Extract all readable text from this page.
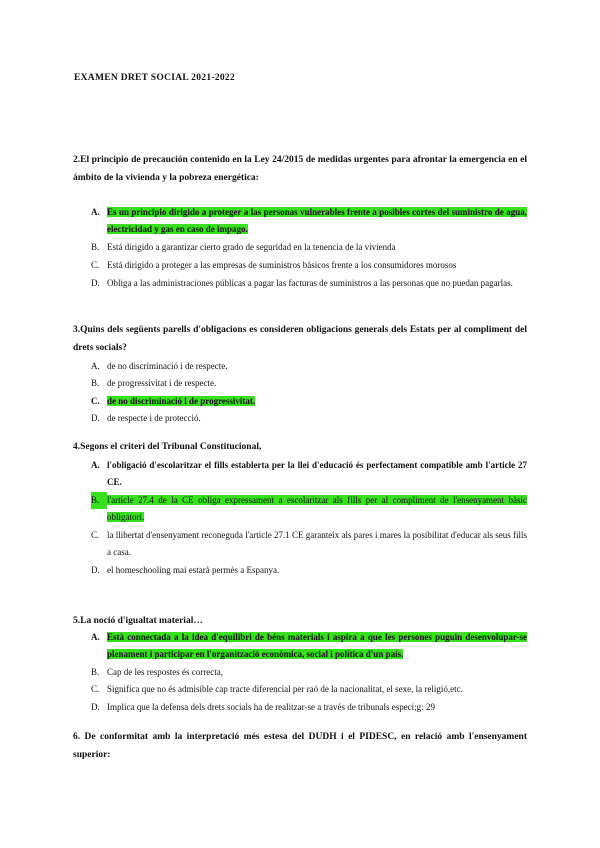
EXAMEN DRET SOCIAL 2021-2022
2.El principio de precaución contenido en la Ley 24/2015 de medidas urgentes para afrontar la emergencia en el ámbito de la vivienda y la pobreza energética:
A. Es un principio dirigido a proteger a las personas vulnerables frente a posibles cortes del suministro de agua, electricidad y gas en caso de impago.
B. Está dirigido a garantizar cierto grado de seguridad en la tenencia de la vivienda
C. Está dirigido a proteger a las empresas de suministros básicos frente a los consumidores morosos
D. Obliga a las administraciones públicas a pagar las facturas de suministros a las personas que no puedan pagarlas.
3.Quins dels següents parells d'obligacions es consideren obligacions generals dels Estats per al compliment del drets socials?
A. de no discriminació i de respecte.
B. de progressivitat i de respecte.
C. de no discriminació i de progressivitat.
D. de respecte i de protecció.
4.Segons el criteri del Tribunal Constitucional,
A. l'obligació d'escolaritzar el fills establerta per la llei d'educació és perfectament compatible amb l'article 27 CE.
B. l'article 27.4 de la CE obliga expressament a escolaritzar als fills per al compliment de l'ensenyament bàsic obligatori.
C. la llibertat d'ensenyament reconeguda l'article 27.1 CE garanteix als pares i mares la posibilitat d'educar als seus fills a casa.
D. el homeschooling mai estarà permès a Espanya.
5.La noció d'igualtat material…
A. Està connectada a la idea d'equilibri de béns materials i aspira a que les persones puguin desenvolupar-se plenament i participar en l'organització econòmica, social i política d'un país.
B. Cap de les respostes és correcta,
C. Significa que no és admisible cap tracte diferencial per raó de la nacionalitat, el sexe, la religió,etc.
D. Implica que la defensa dels drets socials ha de realitzar-se a través de tribunals especi;g: 29
6. De conformitat amb la interpretació més estesa del DUDH i el PIDESC, en relació amb l'ensenyament superior:
